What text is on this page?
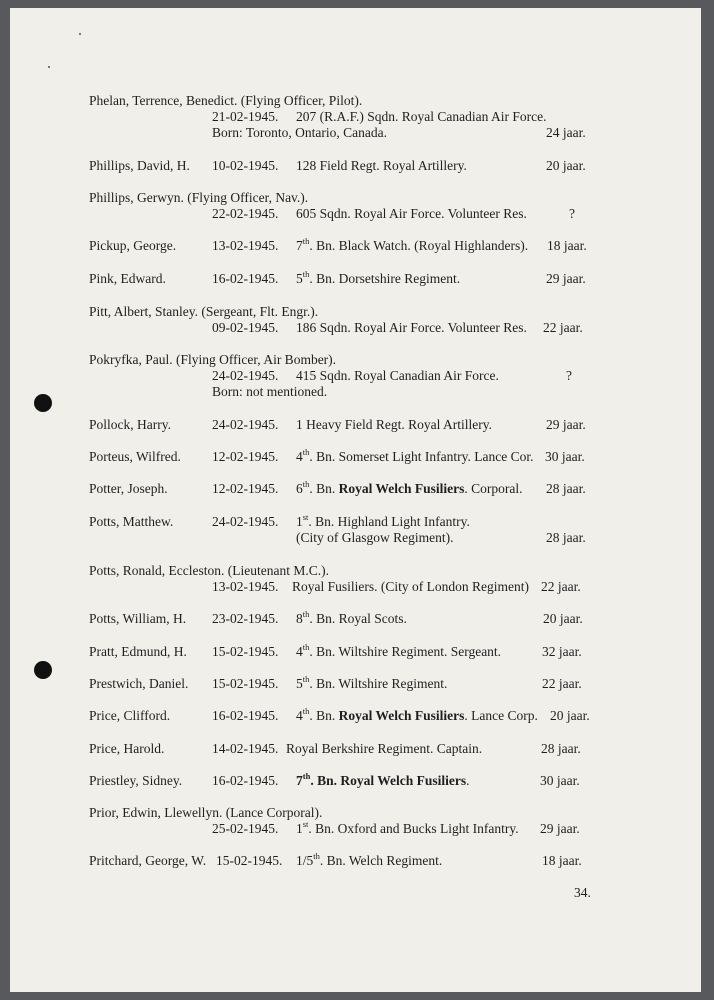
Phelan, Terrence, Benedict. (Flying Officer, Pilot).
21-02-1945. 207 (R.A.F.) Sqdn. Royal Canadian Air Force.
Born: Toronto, Ontario, Canada.	24 jaar.
Phillips, David, H. 10-02-1945. 128 Field Regt. Royal Artillery.	20 jaar.
Phillips, Gerwyn. (Flying Officer, Nav.).
22-02-1945. 605 Sqdn. Royal Air Force. Volunteer Res.	?
Pickup, George.	13-02-1945. 7th. Bn. Black Watch. (Royal Highlanders). 18 jaar.
Pink, Edward.	16-02-1945. 5th. Bn. Dorsetshire Regiment.	29 jaar.
Pitt, Albert, Stanley. (Sergeant, Flt. Engr.).
09-02-1945. 186 Sqdn. Royal Air Force. Volunteer Res. 22 jaar.
Pokryfka, Paul. (Flying Officer, Air Bomber).
24-02-1945. 415 Sqdn. Royal Canadian Air Force.	?
Born: not mentioned.
Pollock, Harry.	24-02-1945. 1 Heavy Field Regt. Royal Artillery.	29 jaar.
Porteus, Wilfred. 12-02-1945. 4th. Bn. Somerset Light Infantry. Lance Cor. 30 jaar.
Potter, Joseph.	12-02-1945. 6th. Bn. Royal Welch Fusiliers. Corporal. 28 jaar.
Potts, Matthew.	24-02-1945. 1st. Bn. Highland Light Infantry.
(City of Glasgow Regiment).	28 jaar.
Potts, Ronald, Eccleston. (Lieutenant M.C.).
13-02-1945. Royal Fusiliers. (City of London Regiment) 22 jaar.
Potts, William, H. 23-02-1945. 8th. Bn. Royal Scots.	20 jaar.
Pratt, Edmund, H. 15-02-1945. 4th. Bn. Wiltshire Regiment. Sergeant.	32 jaar.
Prestwich, Daniel. 15-02-1945. 5th. Bn. Wiltshire Regiment.	22 jaar.
Price, Clifford.	16-02-1945. 4th. Bn. Royal Welch Fusiliers. Lance Corp. 20 jaar.
Price, Harold.	14-02-1945. Royal Berkshire Regiment. Captain.	28 jaar.
Priestley, Sidney. 16-02-1945. 7th. Bn. Royal Welch Fusiliers.	30 jaar.
Prior, Edwin, Llewellyn. (Lance Corporal).
25-02-1945. 1st. Bn. Oxford and Bucks Light Infantry. 29 jaar.
Pritchard, George, W. 15-02-1945. 1/5th. Bn. Welch Regiment.	18 jaar.
34.
